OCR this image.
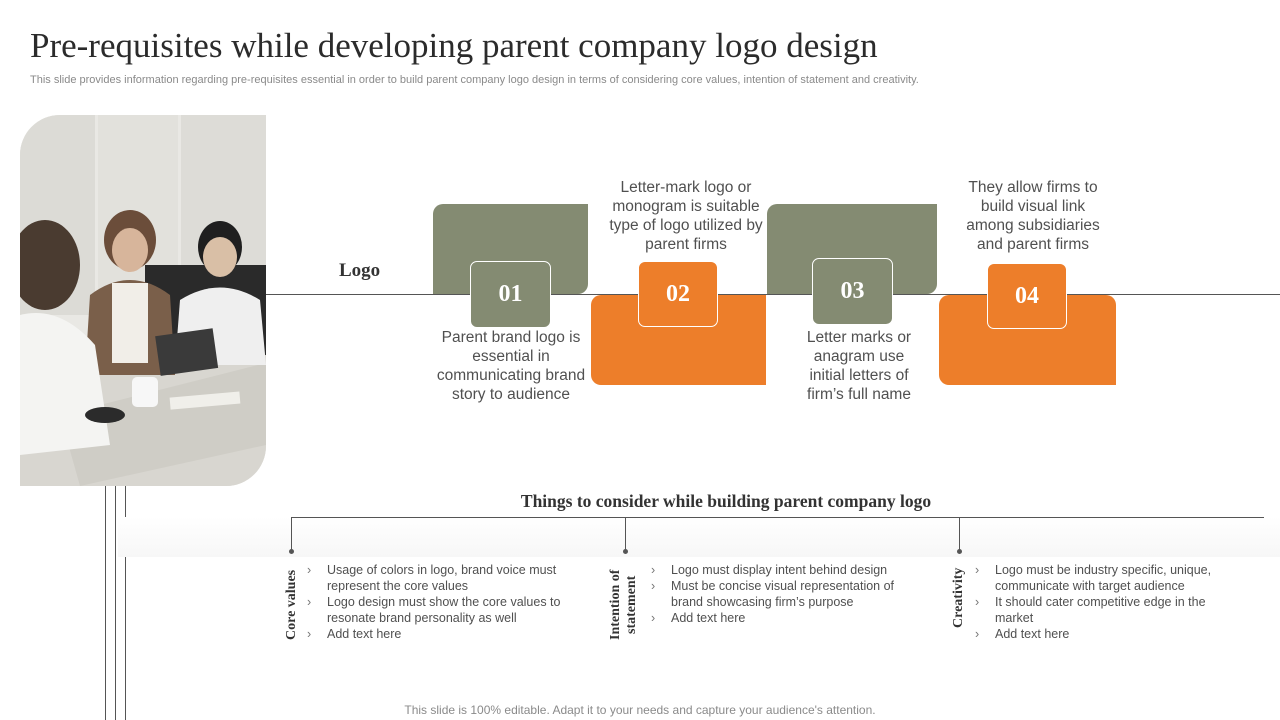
Pre-requisites while developing parent company logo design
This slide provides information regarding pre-requisites essential in order to build parent company logo design in terms of considering core values, intention of statement and creativity.
Logo
01	02	03	04
Parent brand logo is essential in communicating brand story to audience
Letter-mark logo or monogram is suitable type of logo utilized by parent firms
Letter marks or anagram use initial letters of firm’s full name
They allow firms to build visual link among subsidiaries and parent firms
Things to consider while building parent company logo
Core values	› Usage of colors in logo, brand voice must represent the core values
› Logo design must show the core values to resonate brand personality as well
› Add text here	Intention of statement
› Logo must display intent behind design
› Must be concise visual representation of brand showcasing firm’s purpose
› Add text here	Creativity	› Logo must be industry specific, unique, communicate with target audience
› It should cater competitive edge in the market
› Add text here
This slide is 100% editable. Adapt it to your needs and capture your audience's attention.
